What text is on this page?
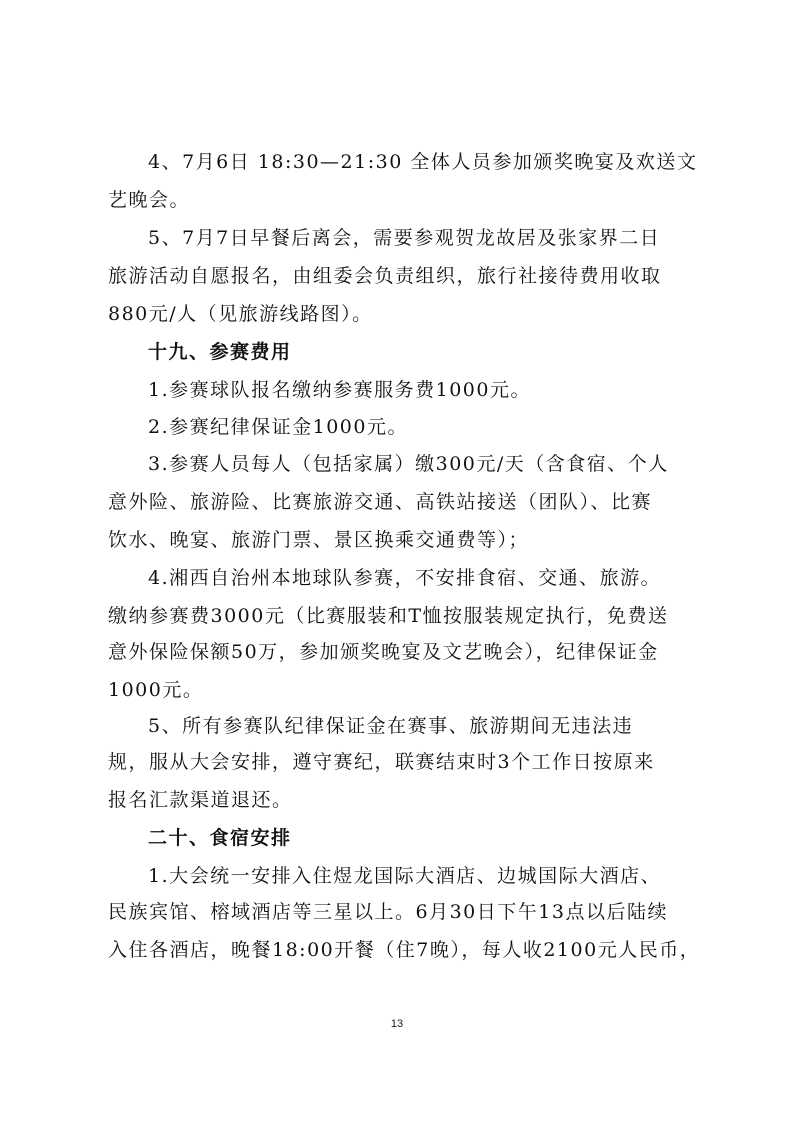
4、7月6日 18:30—21:30 全体人员参加颁奖晚宴及欢送文
艺晚会。
5、7月7日早餐后离会，需要参观贺龙故居及张家界二日
旅游活动自愿报名，由组委会负责组织，旅行社接待费用收取
880元/人（见旅游线路图）。
十九、参赛费用
1.参赛球队报名缴纳参赛服务费1000元。
2.参赛纪律保证金1000元。
3.参赛人员每人（包括家属）缴300元/天（含食宿、个人
意外险、旅游险、比赛旅游交通、高铁站接送（团队）、比赛
饮水、晚宴、旅游门票、景区换乘交通费等）；
4.湘西自治州本地球队参赛，不安排食宿、交通、旅游。
缴纳参赛费3000元（比赛服装和T恤按服装规定执行，免费送
意外保险保额50万，参加颁奖晚宴及文艺晚会），纪律保证金
1000元。
5、所有参赛队纪律保证金在赛事、旅游期间无违法违
规，服从大会安排，遵守赛纪，联赛结束时3个工作日按原来
报名汇款渠道退还。
二十、食宿安排
1.大会统一安排入住煜龙国际大酒店、边城国际大酒店、
民族宾馆、榕域酒店等三星以上。6月30日下午13点以后陆续
入住各酒店，晚餐18:00开餐（住7晚），每人收2100元人民币，
13
